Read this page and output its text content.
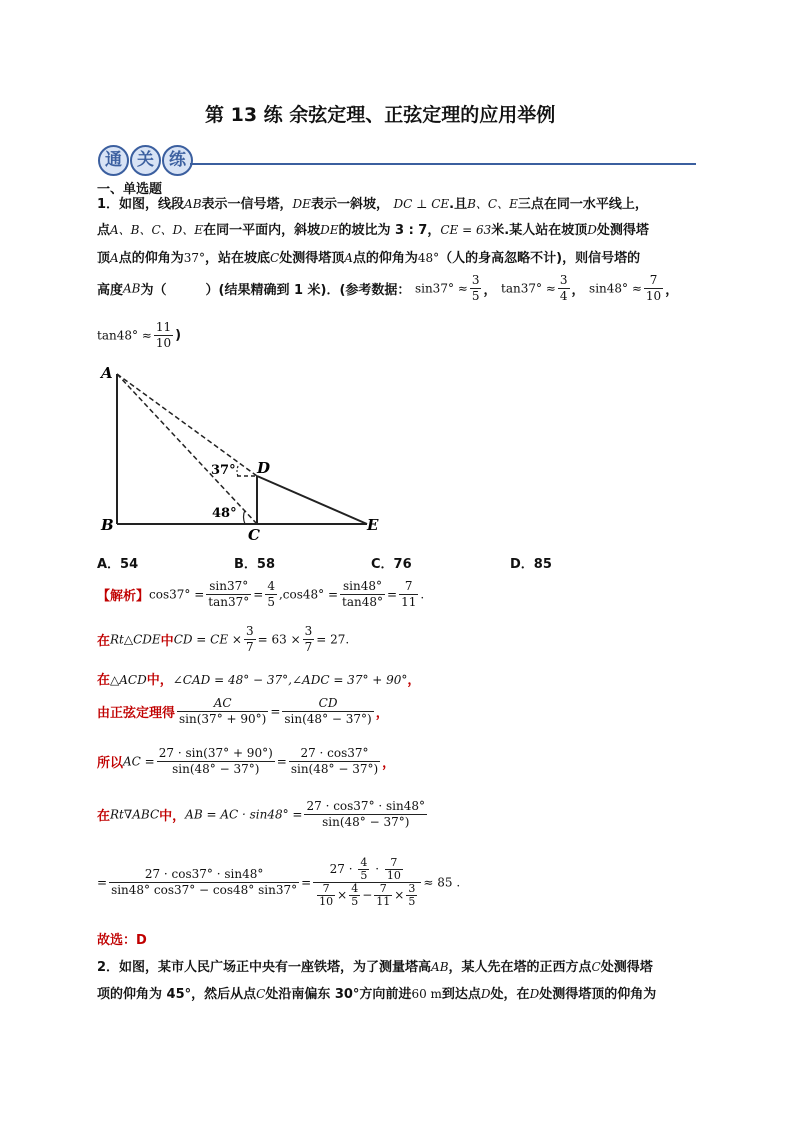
第 13 练 余弦定理、正弦定理的应用举例
通 关 练
一、单选题
1．如图，线段AB表示一信号塔，DE表示一斜坡， DC ⊥ CE.且B、C、E三点在同一水平线上，
点A、B、C、D、E在同一平面内，斜坡DE的坡比为 3 : 7，CE = 63米.某人站在坡顶D处测得塔
顶A点的仰角为37°，站在坡底C处测得塔顶A点的仰角为48°（人的身高忽略不计)，则信号塔的
高度AB为（　　　）(结果精确到 1 米)．(参考数据： $\sin 37^\circ \approx \frac{3}{5}$ ， $\tan 37^\circ \approx \frac{3}{4}$ ， $\sin 48^\circ \approx \frac{7}{10}$ ，
$\tan 48^\circ \approx \frac{11}{10}$ )
A
B
C
D
E
37°
48°
A．54	B．58	C．76	D．85
【解析】$\cos 37^\circ = \frac{\sin 37^\circ}{\tan 37^\circ} = \frac{4}{5} ,\cos 48^\circ = \frac{\sin 48^\circ}{\tan 48^\circ} = \frac{7}{11}$ .
在Rt△CDE中CD = CE × $\frac{3}{7} = 63 \times \frac{3}{7} = 27$.
在△ACD中，∠CAD = 48° − 37°,∠ADC = 37° + 90°，
由正弦定理得 $\frac{AC}{\sin(37^\circ + 90^\circ)} = \frac{CD}{\sin(48^\circ - 37^\circ)}$ ，
所以AC = $\frac{27 \cdot \sin(37^\circ + 90^\circ)}{\sin(48^\circ - 37^\circ)} = \frac{27 \cdot \cos 37^\circ}{\sin(48^\circ - 37^\circ)}$ ，
在Rt∇ABC中，AB = AC · $\sin 48^\circ = \frac{27 \cdot \cos 37^\circ \cdot \sin 48^\circ}{\sin(48^\circ - 37^\circ)}$
= $\frac{27 \cdot \cos 37^\circ \cdot \sin 48^\circ}{\sin 48^\circ \cos 37^\circ - \cos 48^\circ \sin 37^\circ} = \frac{27 \cdot \frac{4}{5} \cdot \frac{7}{10}}{\frac{7}{10} \times \frac{4}{5} - \frac{7}{11} \times \frac{3}{5}} \approx 85$ .
故选：D
2．如图，某市人民广场正中央有一座铁塔，为了测量塔高AB，某人先在塔的正西方点C处测得塔
项的仰角为 45°，然后从点C处沿南偏东 30°方向前进60 m到达点D处，在D处测得塔顶的仰角为
